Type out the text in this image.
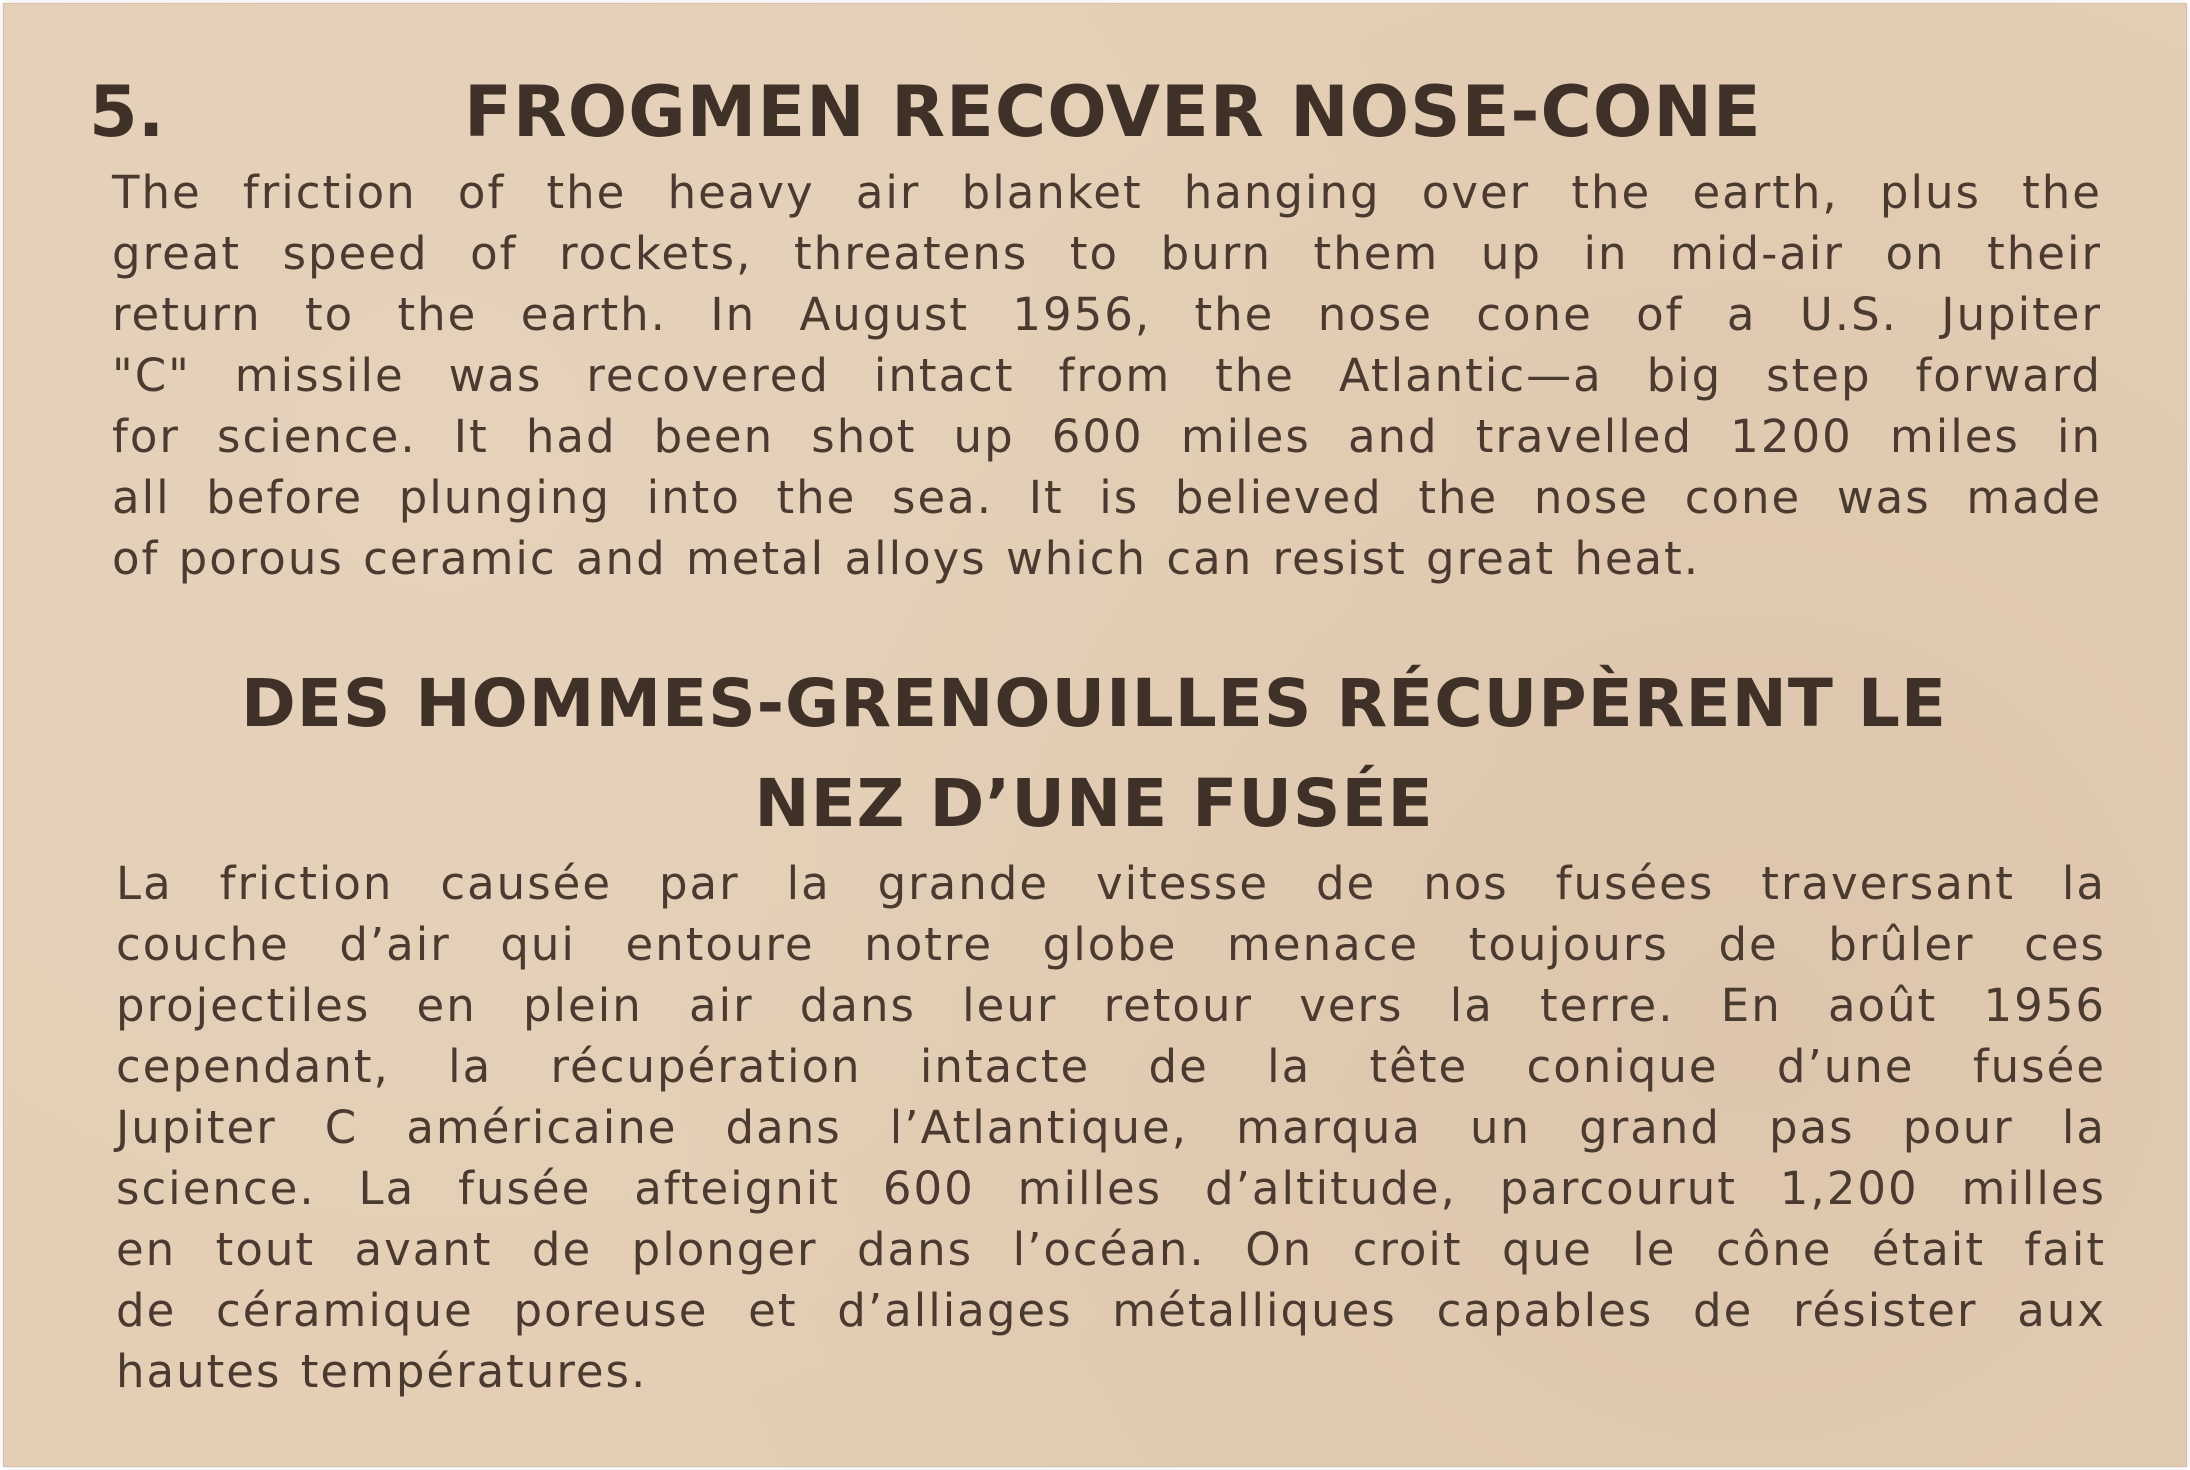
5.	FROGMEN RECOVER NOSE-CONE

The friction of the heavy air blanket hanging over the earth, plus the
great speed of rockets, threatens to burn them up in mid-air on their
return to the earth. In August 1956, the nose cone of a U.S. Jupiter
"C" missile was recovered intact from the Atlantic—a big step forward
for science. It had been shot up 600 miles and travelled 1200 miles in
all before plunging into the sea. It is believed the nose cone was made
of porous ceramic and metal alloys which can resist great heat.

DES HOMMES-GRENOUILLES RÉCUPÈRENT LE
NEZ D’UNE FUSÉE

La friction causée par la grande vitesse de nos fusées traversant la
couche d’air qui entoure notre globe menace toujours de brûler ces
projectiles en plein air dans leur retour vers la terre. En août 1956
cependant, la récupération intacte de la tête conique d’une fusée
Jupiter C américaine dans l’Atlantique, marqua un grand pas pour la
science. La fusée afteignit 600 milles d’altitude, parcourut 1,200 milles
en tout avant de plonger dans l’océan. On croit que le cône était fait
de céramique poreuse et d’alliages métalliques capables de résister aux
hautes températures.
